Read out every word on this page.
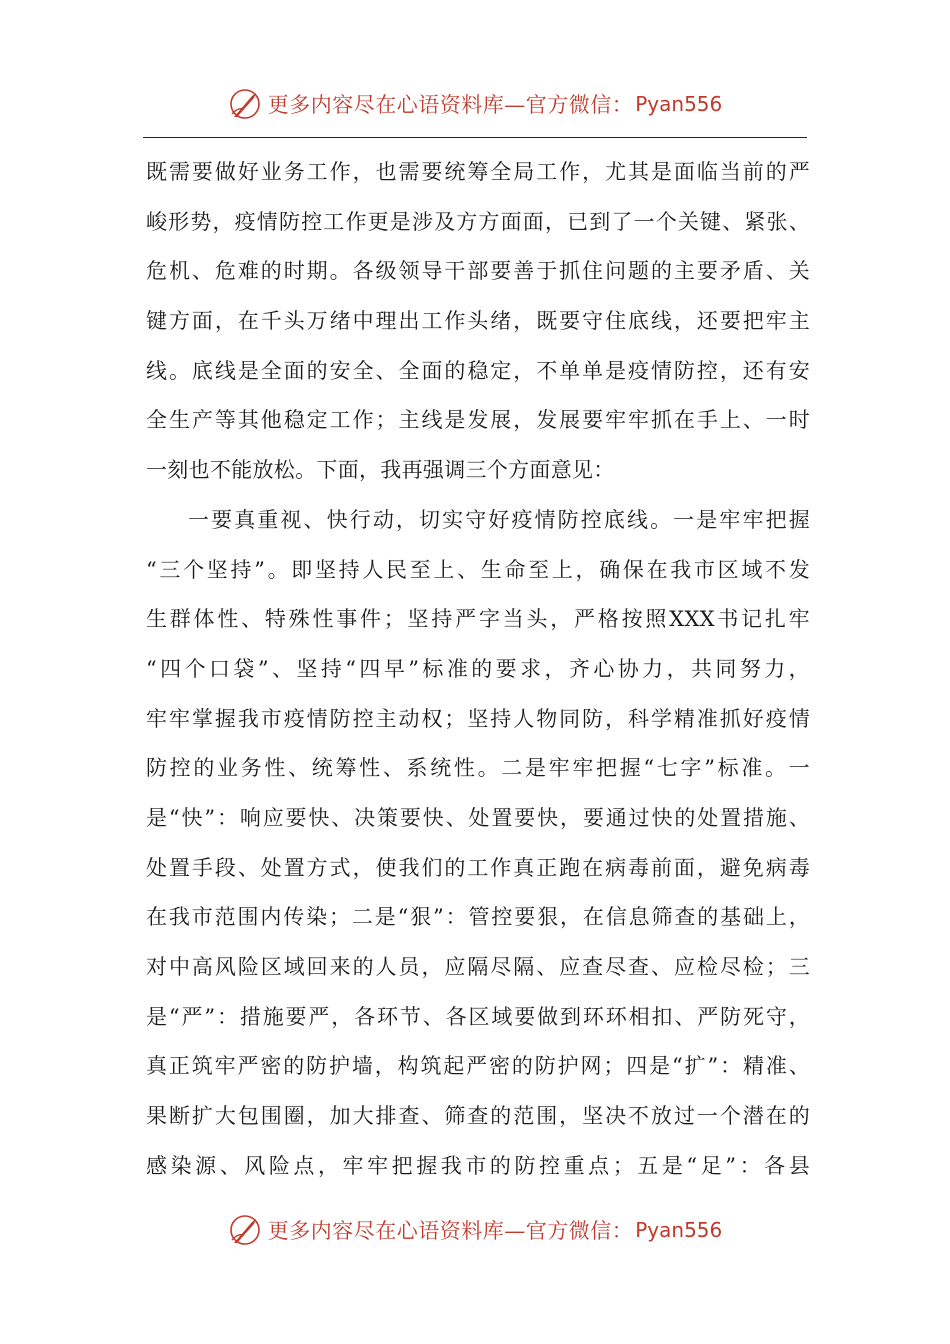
更多内容尽在心语资料库—官方微信： Pyan556
既需要做好业务工作，也需要统筹全局工作，尤其是面临当前的严
峻形势，疫情防控工作更是涉及方方面面，已到了一个关键、紧张、
危机、危难的时期。各级领导干部要善于抓住问题的主要矛盾、关
键方面，在千头万绪中理出工作头绪，既要守住底线，还要把牢主
线。底线是全面的安全、全面的稳定，不单单是疫情防控，还有安
全生产等其他稳定工作；主线是发展，发展要牢牢抓在手上、一时
一刻也不能放松。下面，我再强调三个方面意见：
一要真重视、快行动，切实守好疫情防控底线。一是牢牢把握
“三个坚持”。即坚持人民至上、生命至上，确保在我市区域不发
生群体性、特殊性事件；坚持严字当头，严格按照XXX书记扎牢
“四个口袋”、坚持“四早”标准的要求，齐心协力，共同努力，
牢牢掌握我市疫情防控主动权；坚持人物同防，科学精准抓好疫情
防控的业务性、统筹性、系统性。二是牢牢把握“七字”标准。一
是“快”：响应要快、决策要快、处置要快，要通过快的处置措施、
处置手段、处置方式，使我们的工作真正跑在病毒前面，避免病毒
在我市范围内传染；二是“狠”：管控要狠，在信息筛查的基础上，
对中高风险区域回来的人员，应隔尽隔、应查尽查、应检尽检；三
是“严”：措施要严，各环节、各区域要做到环环相扣、严防死守，
真正筑牢严密的防护墙，构筑起严密的防护网；四是“扩”：精准、
果断扩大包围圈，加大排查、筛查的范围，坚决不放过一个潜在的
感染源、风险点，牢牢把握我市的防控重点；五是“足”：各县
更多内容尽在心语资料库—官方微信： Pyan556
